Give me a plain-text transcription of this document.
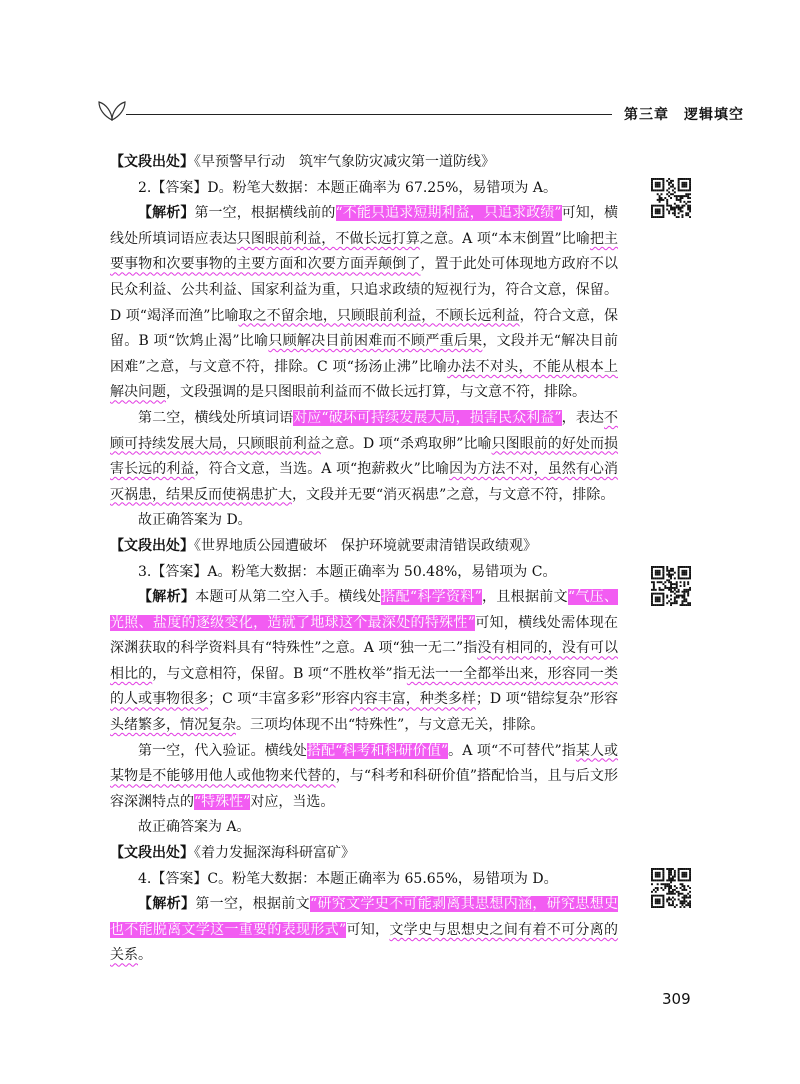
第三章　逻辑填空

【文段出处】《早预警早行动　筑牢气象防灾减灾第一道防线》

2.【答案】D。粉笔大数据：本题正确率为 67.25%，易错项为 A。

【解析】第一空，根据横线前的“不能只追求短期利益，只追求政绩”可知，横线处所填词语应表达只图眼前利益，不做长远打算之意。A 项“本末倒置”比喻把主要事物和次要事物的主要方面和次要方面弄颠倒了，置于此处可体现地方政府不以民众利益、公共利益、国家利益为重，只追求政绩的短视行为，符合文意，保留。D 项“竭泽而渔”比喻取之不留余地，只顾眼前利益，不顾长远利益，符合文意，保留。B 项“饮鸩止渴”比喻只顾解决目前困难而不顾严重后果，文段并无“解决目前困难”之意，与文意不符，排除。C 项“扬汤止沸”比喻办法不对头，不能从根本上解决问题，文段强调的是只图眼前利益而不做长远打算，与文意不符，排除。

第二空，横线处所填词语对应“破坏可持续发展大局，损害民众利益”，表达不顾可持续发展大局，只顾眼前利益之意。D 项“杀鸡取卵”比喻只图眼前的好处而损害长远的利益，符合文意，当选。A 项“抱薪救火”比喻因为方法不对，虽然有心消灭祸患，结果反而使祸患扩大，文段并无要“消灭祸患”之意，与文意不符，排除。

故正确答案为 D。

【文段出处】《世界地质公园遭破坏　保护环境就要肃清错误政绩观》

3.【答案】A。粉笔大数据：本题正确率为 50.48%，易错项为 C。

【解析】本题可从第二空入手。横线处搭配“科学资料”，且根据前文“气压、光照、盐度的逐级变化，造就了地球这个最深处的特殊性”可知，横线处需体现在深渊获取的科学资料具有“特殊性”之意。A 项“独一无二”指没有相同的，没有可以相比的，与文意相符，保留。B 项“不胜枚举”指无法一一全都举出来，形容同一类的人或事物很多；C 项“丰富多彩”形容内容丰富，种类多样；D 项“错综复杂”形容头绪繁多，情况复杂。三项均体现不出“特殊性”，与文意无关，排除。

第一空，代入验证。横线处搭配“科考和科研价值”。A 项“不可替代”指某人或某物是不能够用他人或他物来代替的，与“科考和科研价值”搭配恰当，且与后文形容深渊特点的“特殊性”对应，当选。

故正确答案为 A。

【文段出处】《着力发掘深海科研富矿》

4.【答案】C。粉笔大数据：本题正确率为 65.65%，易错项为 D。

【解析】第一空，根据前文“研究文学史不可能剥离其思想内涵，研究思想史也不能脱离文学这一重要的表现形式”可知，文学史与思想史之间有着不可分离的关系。

309
